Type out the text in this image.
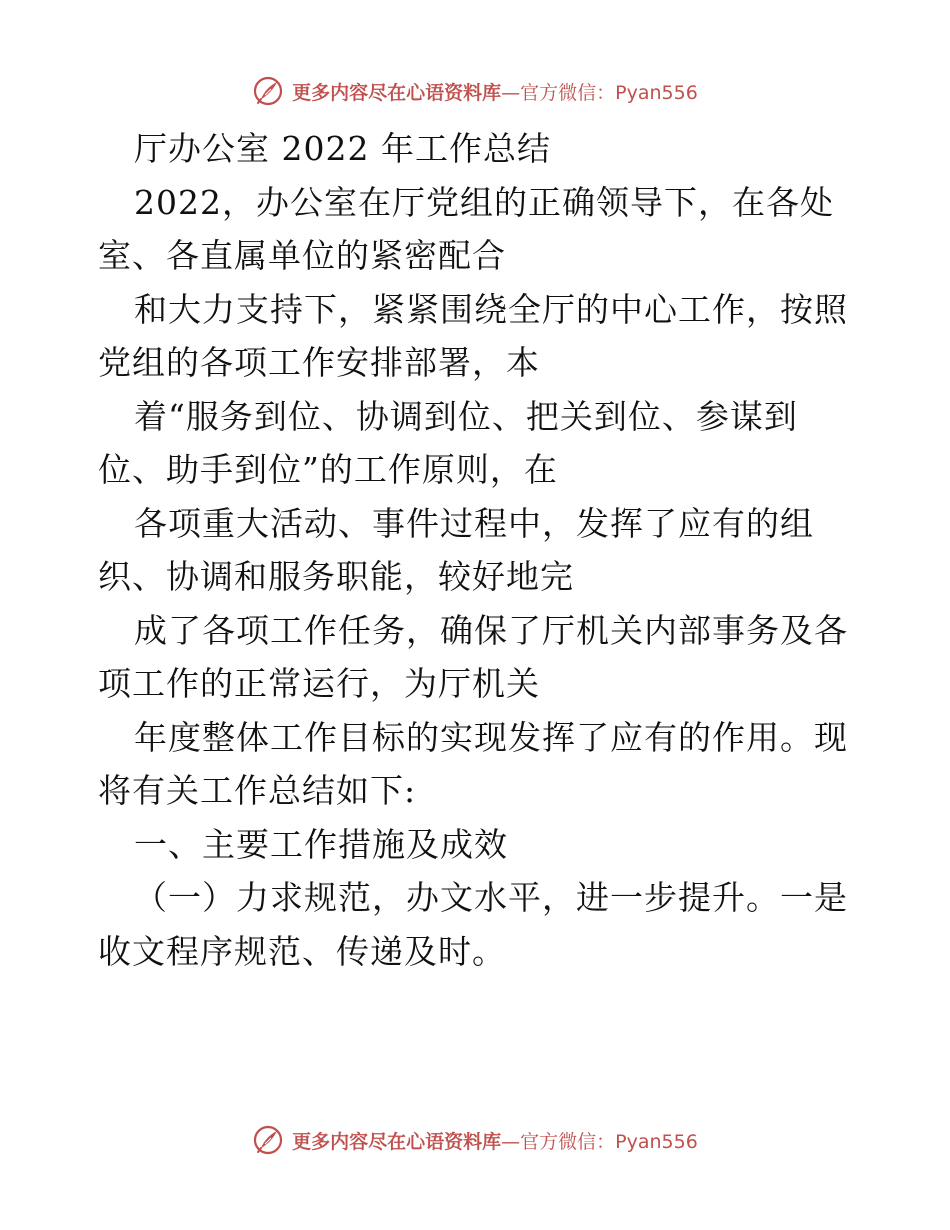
更多内容尽在心语资料库—官方微信：Pyan556
厅办公室 2022 年工作总结
2022，办公室在厅党组的正确领导下，在各处
室、各直属单位的紧密配合
和大力支持下，紧紧围绕全厅的中心工作，按照
党组的各项工作安排部署，本
着“服务到位、协调到位、把关到位、参谋到
位、助手到位”的工作原则，在
各项重大活动、事件过程中，发挥了应有的组
织、协调和服务职能，较好地完
成了各项工作任务，确保了厅机关内部事务及各
项工作的正常运行，为厅机关
年度整体工作目标的实现发挥了应有的作用。现
将有关工作总结如下:
一、主要工作措施及成效
（一）力求规范，办文水平，进一步提升。一是
收文程序规范、传递及时。
更多内容尽在心语资料库—官方微信：Pyan556
